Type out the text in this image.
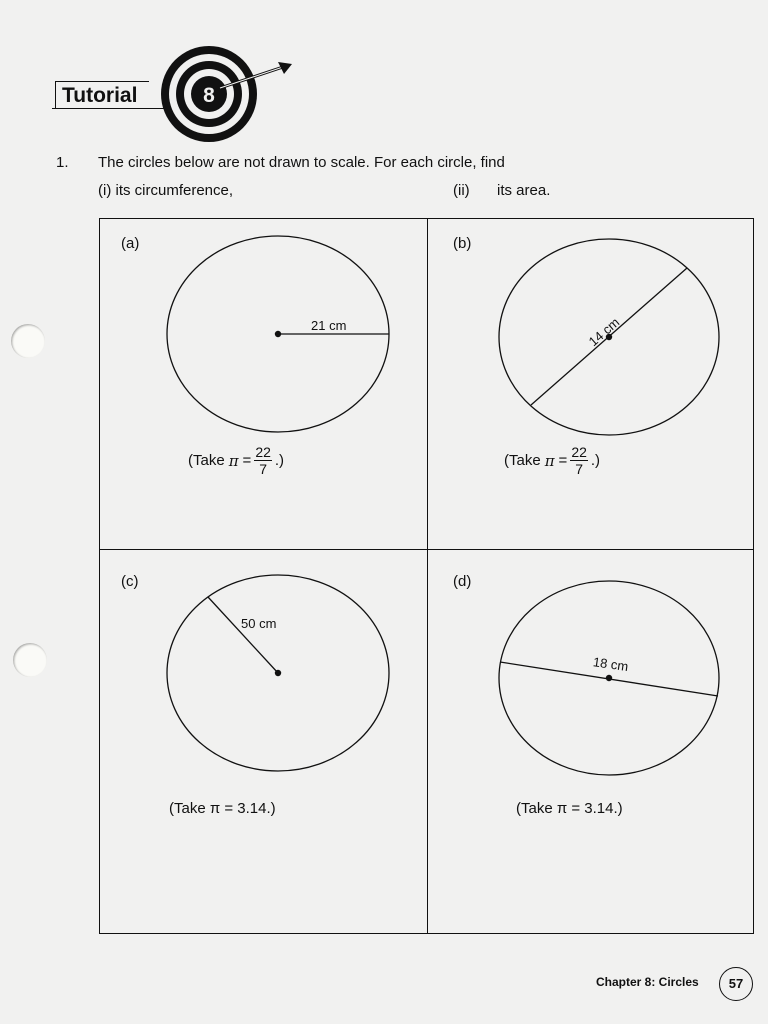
Tutorial	8
1. The circles below are not drawn to scale. For each circle, find
(i) its circumference,	(ii) its area.
(a)	(b)
(c)	(d)
21 cm	14 cm
50 cm
18 cm
(Take $\pi = \frac{22}{7}$ .)	(Take $\pi = \frac{22}{7}$ .)
(Take π = 3.14.)	(Take π = 3.14.)
Chapter 8: Circles	57
